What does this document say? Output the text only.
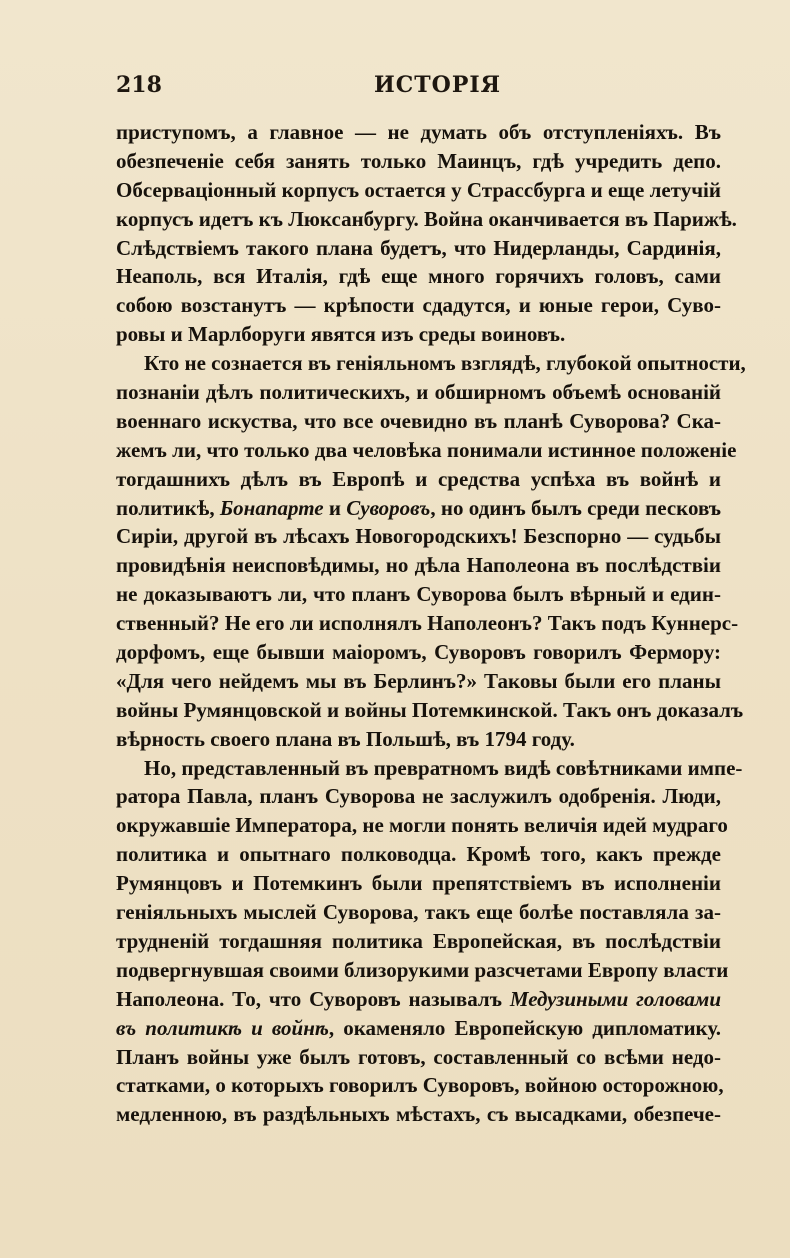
218	ИСТОРІЯ
приступомъ, а главное — не думать объ отступленіяхъ. Въ
обезпеченіе себя занять только Маинцъ, гдѣ учредить депо.
Обсерваціонный корпусъ остается у Страссбурга и еще летучій
корпусъ идетъ къ Люксанбургу. Война оканчивается въ Парижѣ.
Слѣдствіемъ такого плана будетъ, что Нидерланды, Сардинія,
Неаполь, вся Италія, гдѣ еще много горячихъ головъ, сами
собою возстанутъ — крѣпости сдадутся, и юные герои, Суво-
ровы и Марлборуги явятся изъ среды воиновъ.
Кто не сознается въ геніяльномъ взглядѣ, глубокой опытности,
познаніи дѣлъ политическихъ, и обширномъ объемѣ основаній
военнаго искуства, что все очевидно въ планѣ Суворова? Ска-
жемъ ли, что только два человѣка понимали истинное положеніе
тогдашнихъ дѣлъ въ Европѣ и средства успѣха въ войнѣ и
политикѣ, Бонапарте и Суворовъ, но одинъ былъ среди песковъ
Сиріи, другой въ лѣсахъ Новогородскихъ! Безспорно — судьбы
провидѣнія неисповѣдимы, но дѣла Наполеона въ послѣдствіи
не доказываютъ ли, что планъ Суворова былъ вѣрный и един-
ственный? Не его ли исполнялъ Наполеонъ? Такъ подъ Куннерс-
дорфомъ, еще бывши маіоромъ, Суворовъ говорилъ Фермору:
«Для чего нейдемъ мы въ Берлинъ?» Таковы были его планы
войны Румянцовской и войны Потемкинской. Такъ онъ доказалъ
вѣрность своего плана въ Польшѣ, въ 1794 году.
Но, представленный въ превратномъ видѣ совѣтниками импе-
ратора Павла, планъ Суворова не заслужилъ одобренія. Люди,
окружавшіе Императора, не могли понять величія идей мудраго
политика и опытнаго полководца. Кромѣ того, какъ прежде
Румянцовъ и Потемкинъ были препятствіемъ въ исполненіи
геніяльныхъ мыслей Суворова, такъ еще болѣе поставляла за-
трудненій тогдашняя политика Европейская, въ послѣдствіи
подвергнувшая своими близорукими разсчетами Европу власти
Наполеона. То, что Суворовъ называлъ Медузиными головами
въ политикѣ и войнѣ, окаменяло Европейскую дипломатику.
Планъ войны уже былъ готовъ, составленный со всѣми недо-
статками, о которыхъ говорилъ Суворовъ, войною осторожною,
медленною, въ раздѣльныхъ мѣстахъ, съ высадками, обезпече-
